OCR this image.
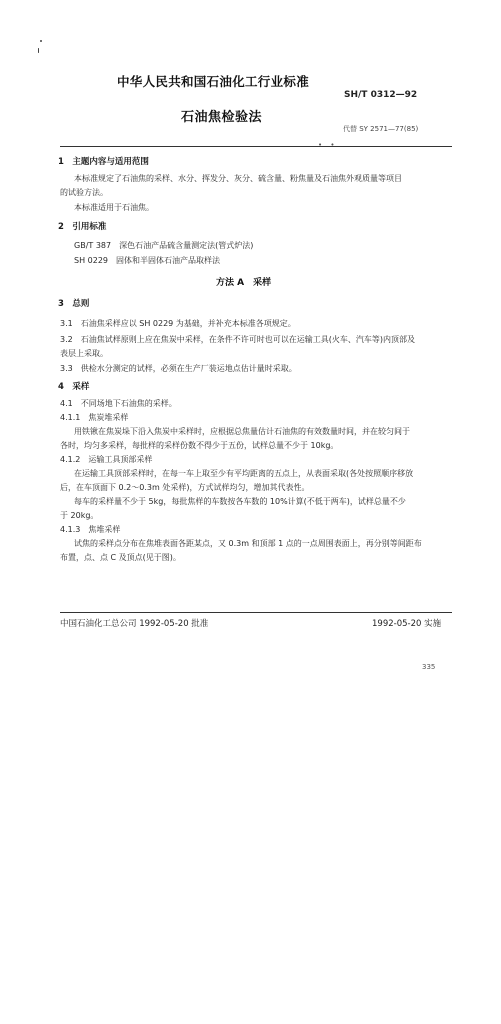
中华人民共和国石油化工行业标准
SH/T 0312—92
石油焦检验法
代替 SY 2571—77(85)
• •
1　主题内容与适用范围
本标准规定了石油焦的采样、水分、挥发分、灰分、硫含量、粉焦量及石油焦外观质量等项目
的试验方法。
本标准适用于石油焦。
2　引用标准
GB/T 387　深色石油产品硫含量测定法(管式炉法)
SH 0229　固体和半固体石油产品取样法
方法 A　采样
3　总则
3.1　石油焦采样应以 SH 0229 为基础，并补充本标准各项规定。
3.2　石油焦试样原则上应在焦炭中采样，在条件不许可时也可以在运输工具(火车、汽车等)内顶部及
表层上采取。
3.3　供检水分测定的试样，必须在生产厂装运地点估计量时采取。
4　采样
4.1　不同场地下石油焦的采样。
4.1.1　焦炭堆采样
用铁锹在焦炭垛下沿入焦炭中采样时，应根据总焦量估计石油焦的有效数量时间，并在较匀间于
各时，均匀多采样，每批样的采样份数不得少于五份，试样总量不少于 10kg。
4.1.2　运输工具顶部采样
在运输工具顶部采样时，在每一车上取至少有平均距离的五点上，从表面采取(各处按照顺序移放
后，在车顶面下 0.2～0.3m 处采样)，方式试样均匀，增加其代表性。
每车的采样量不少于 5kg，每批焦样的车数按各车数的 10%计算(不低于两车)，试样总量不少
于 20kg。
4.1.3　焦堆采样
试焦的采样点分布在焦堆表面各距某点，又 0.3m 和顶部 1 点的一点周围表面上，再分别等间距布
布置，点、点 C 及顶点(见于图)。
中国石油化工总公司 1992-05-20 批准	1992-05-20 实施
335
